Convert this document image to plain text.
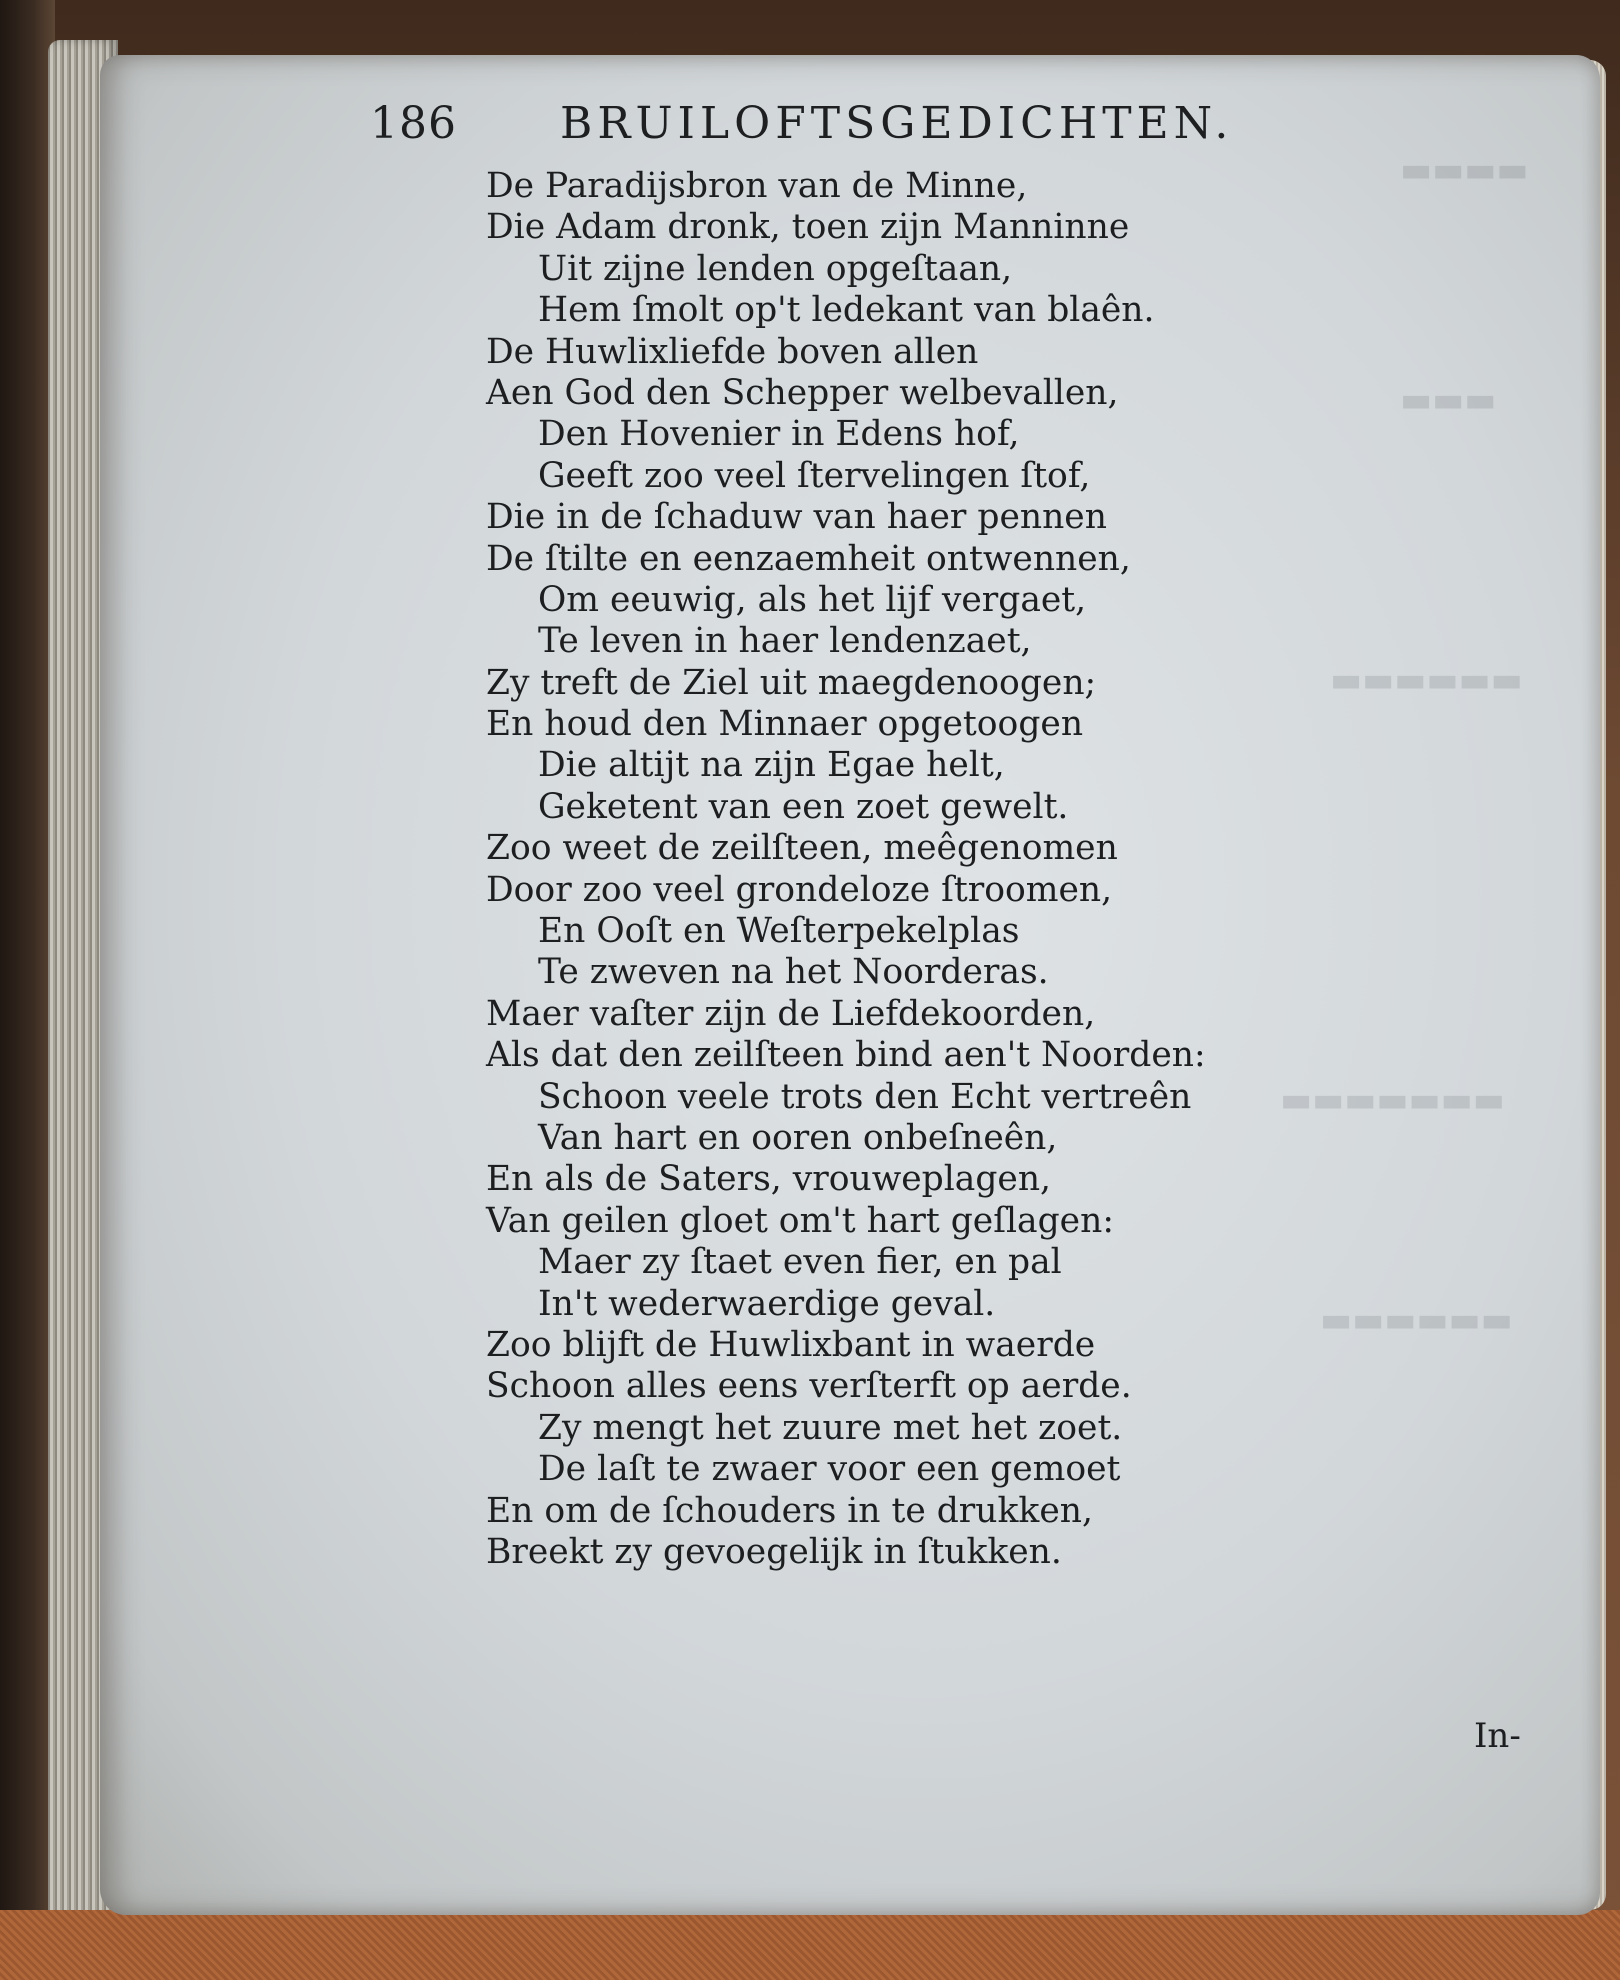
▬▬▬▬
▬▬▬
▬▬▬▬▬▬
▬▬▬▬▬▬▬
▬▬▬▬▬▬
186 BRUILOFTSGEDICHTEN.
De Paradijsbron van de Minne,
Die Adam dronk, toen zijn Manninne
Uit zijne lenden opgeſtaan,
Hem ſmolt op't ledekant van blaên.
De Huwlixliefde boven allen
Aen God den Schepper welbevallen,
Den Hovenier in Edens hof,
Geeft zoo veel ſtervelingen ſtof,
Die in de ſchaduw van haer pennen
De ſtilte en eenzaemheit ontwennen,
Om eeuwig, als het lijf vergaet,
Te leven in haer lendenzaet,
Zy treft de Ziel uit maegdenoogen;
En houd den Minnaer opgetoogen
Die altijt na zijn Egae helt,
Geketent van een zoet gewelt.
Zoo weet de zeilſteen, meêgenomen
Door zoo veel grondeloze ſtroomen,
En Ooſt en Weſterpekelplas
Te zweven na het Noorderas.
Maer vaſter zijn de Liefdekoorden,
Als dat den zeilſteen bind aen't Noorden:
Schoon veele trots den Echt vertreên
Van hart en ooren onbeſneên,
En als de Saters, vrouweplagen,
Van geilen gloet om't hart geſlagen:
Maer zy ſtaet even fier, en pal
In't wederwaerdige geval.
Zoo blijft de Huwlixbant in waerde
Schoon alles eens verſterft op aerde.
Zy mengt het zuure met het zoet.
De laſt te zwaer voor een gemoet
En om de ſchouders in te drukken,
Breekt zy gevoegelijk in ſtukken.
In-
